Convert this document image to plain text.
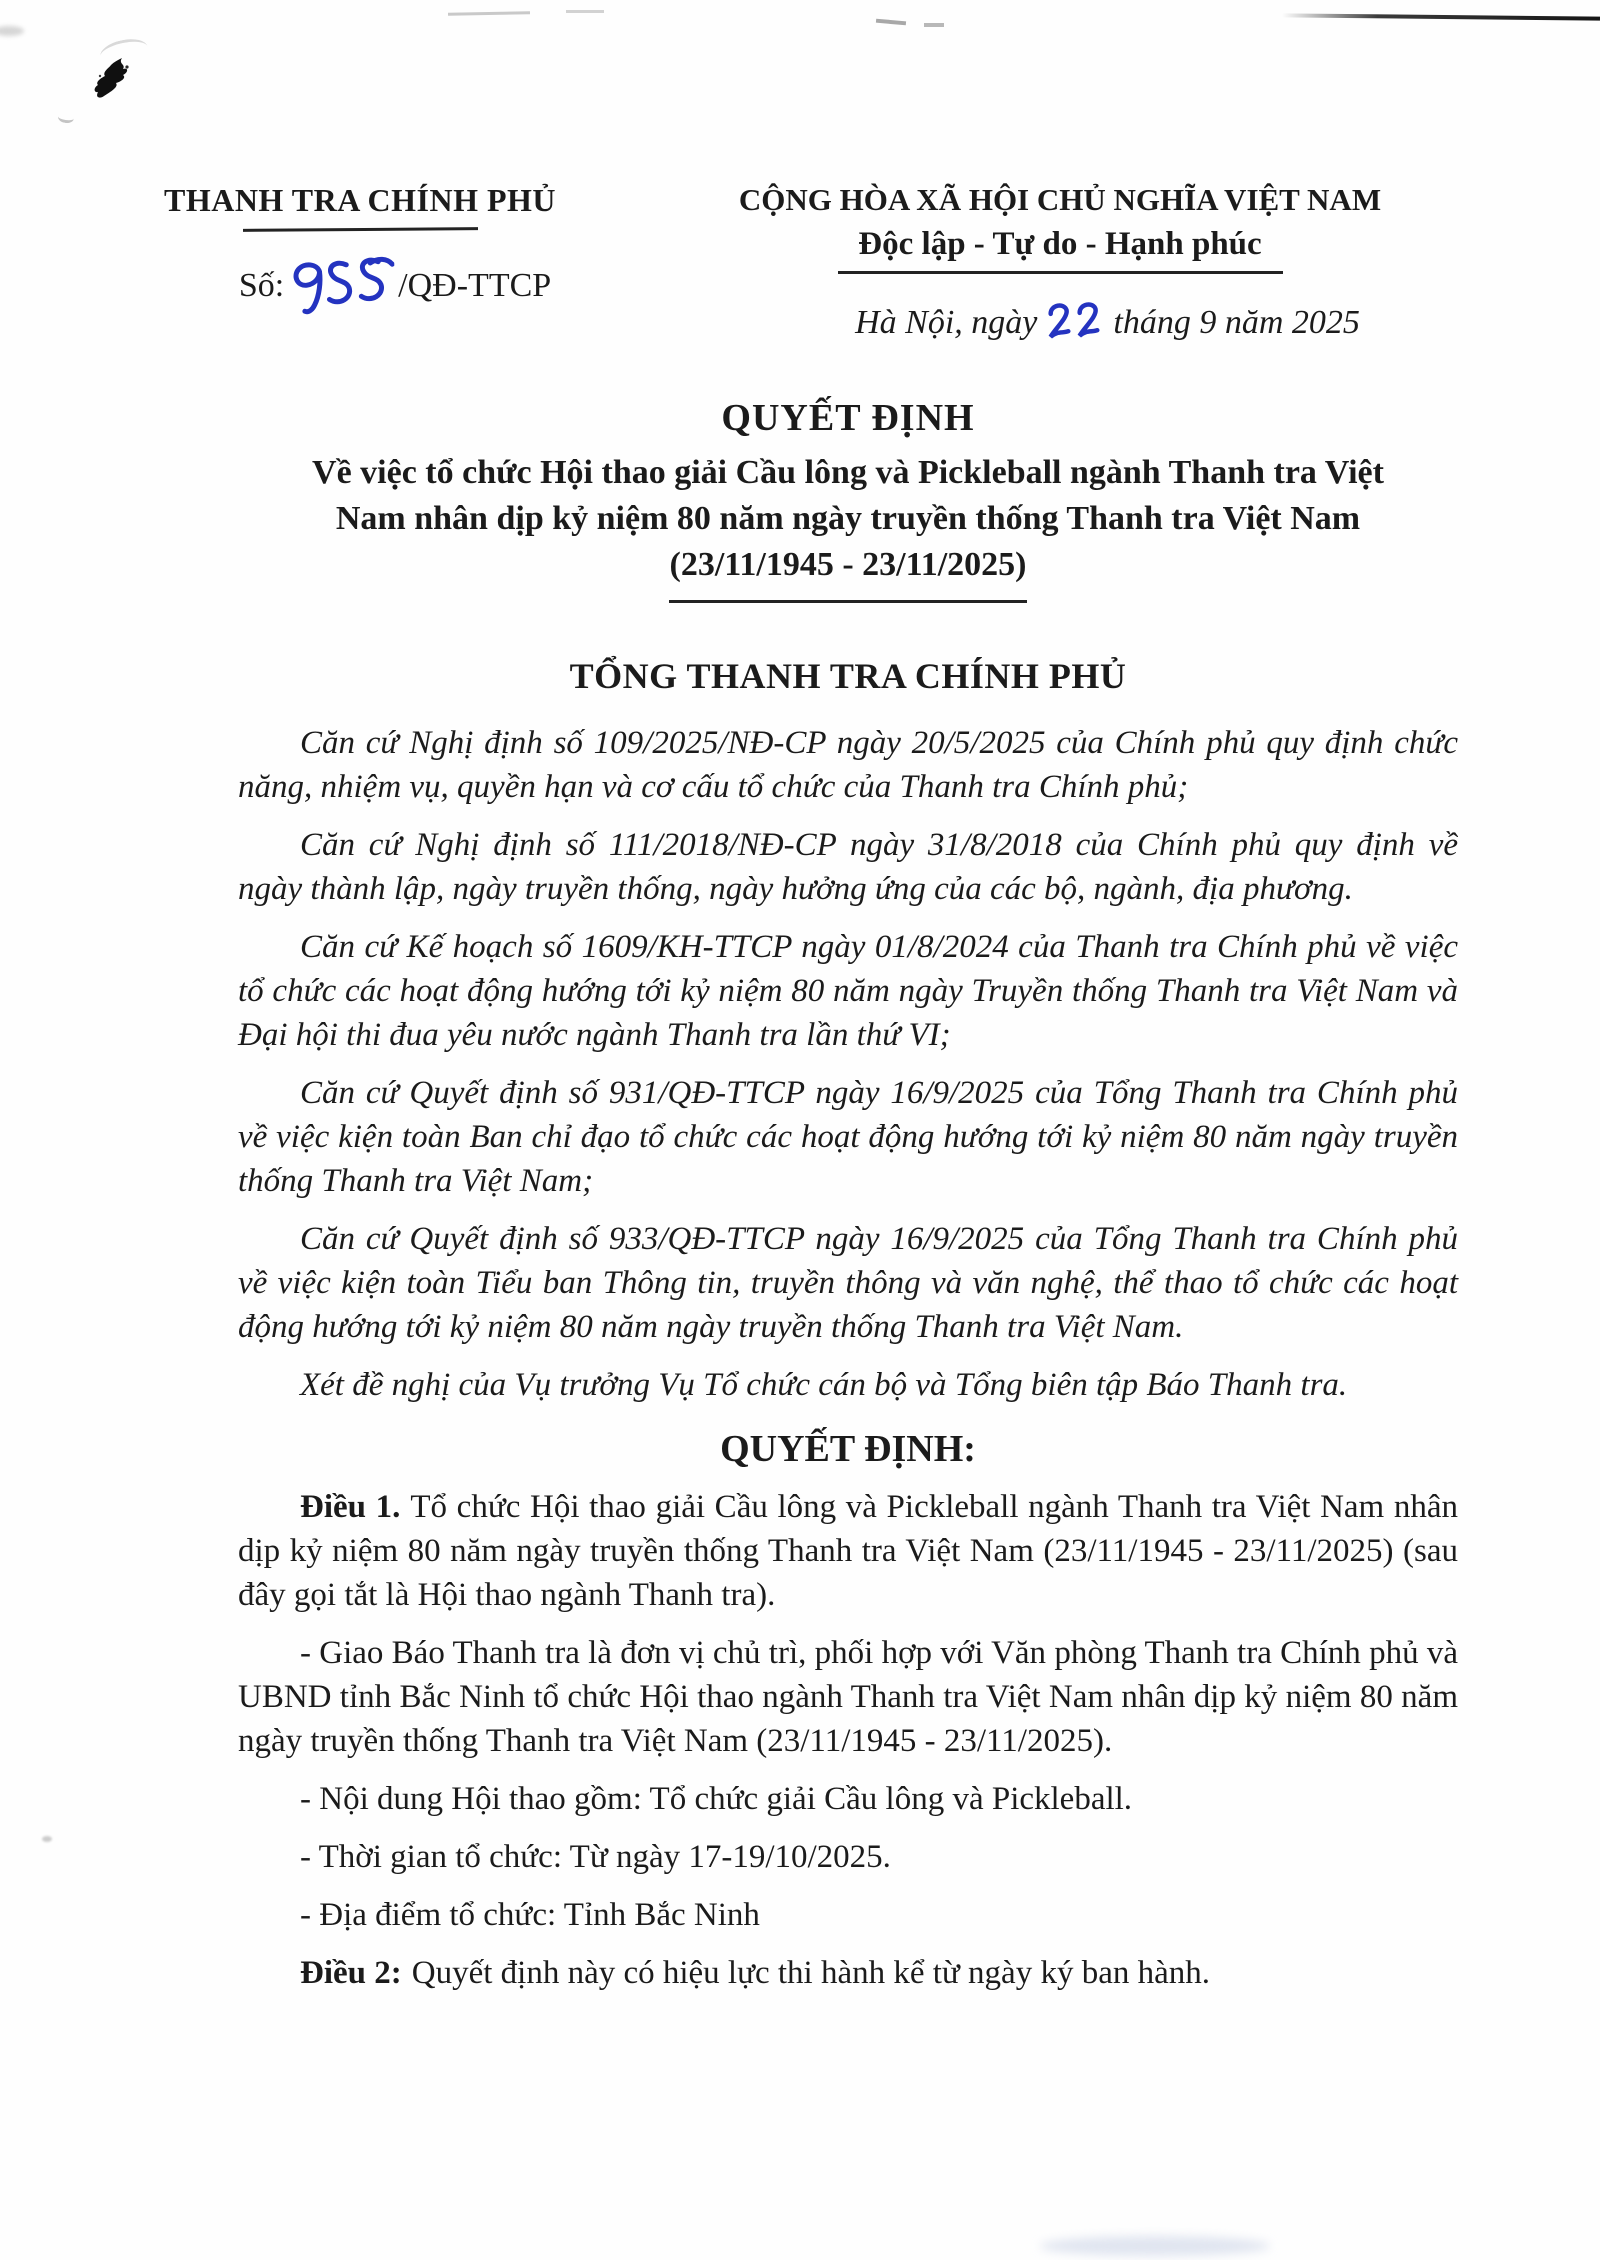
THANH TRA CHÍNH PHỦ
Số:	/QĐ-TTCP
CỘNG HÒA XÃ HỘI CHỦ NGHĨA VIỆT NAM
Độc lập - Tự do - Hạnh phúc
Hà Nội, ngày tháng 9 năm 2025
QUYẾT ĐỊNH
Về việc tổ chức Hội thao giải Cầu lông và Pickleball ngành Thanh tra Việt
Nam nhân dịp kỷ niệm 80 năm ngày truyền thống Thanh tra Việt Nam
(23/11/1945 - 23/11/2025)
TỔNG THANH TRA CHÍNH PHỦ

Căn cứ Nghị định số 109/2025/NĐ-CP ngày 20/5/2025 của Chính phủ quy định chức năng, nhiệm vụ, quyền hạn và cơ cấu tổ chức của Thanh tra Chính phủ;

Căn cứ Nghị định số 111/2018/NĐ-CP ngày 31/8/2018 của Chính phủ quy định về ngày thành lập, ngày truyền thống, ngày hưởng ứng của các bộ, ngành, địa phương.

Căn cứ Kế hoạch số 1609/KH-TTCP ngày 01/8/2024 của Thanh tra Chính phủ về việc tổ chức các hoạt động hướng tới kỷ niệm 80 năm ngày Truyền thống Thanh tra Việt Nam và Đại hội thi đua yêu nước ngành Thanh tra lần thứ VI;

Căn cứ Quyết định số 931/QĐ-TTCP ngày 16/9/2025 của Tổng Thanh tra Chính phủ về việc kiện toàn Ban chỉ đạo tổ chức các hoạt động hướng tới kỷ niệm 80 năm ngày truyền thống Thanh tra Việt Nam;

Căn cứ Quyết định số 933/QĐ-TTCP ngày 16/9/2025 của Tổng Thanh tra Chính phủ về việc kiện toàn Tiểu ban Thông tin, truyền thông và văn nghệ, thể thao tổ chức các hoạt động hướng tới kỷ niệm 80 năm ngày truyền thống Thanh tra Việt Nam.

Xét đề nghị của Vụ trưởng Vụ Tổ chức cán bộ và Tổng biên tập Báo Thanh tra.

QUYẾT ĐỊNH:

Điều 1. Tổ chức Hội thao giải Cầu lông và Pickleball ngành Thanh tra Việt Nam nhân dịp kỷ niệm 80 năm ngày truyền thống Thanh tra Việt Nam (23/11/1945 - 23/11/2025) (sau đây gọi tắt là Hội thao ngành Thanh tra).

- Giao Báo Thanh tra là đơn vị chủ trì, phối hợp với Văn phòng Thanh tra Chính phủ và UBND tỉnh Bắc Ninh tổ chức Hội thao ngành Thanh tra Việt Nam nhân dịp kỷ niệm 80 năm ngày truyền thống Thanh tra Việt Nam (23/11/1945 - 23/11/2025).

- Nội dung Hội thao gồm: Tổ chức giải Cầu lông và Pickleball.

- Thời gian tổ chức: Từ ngày 17-19/10/2025.

- Địa điểm tổ chức: Tỉnh Bắc Ninh

Điều 2: Quyết định này có hiệu lực thi hành kể từ ngày ký ban hành.
